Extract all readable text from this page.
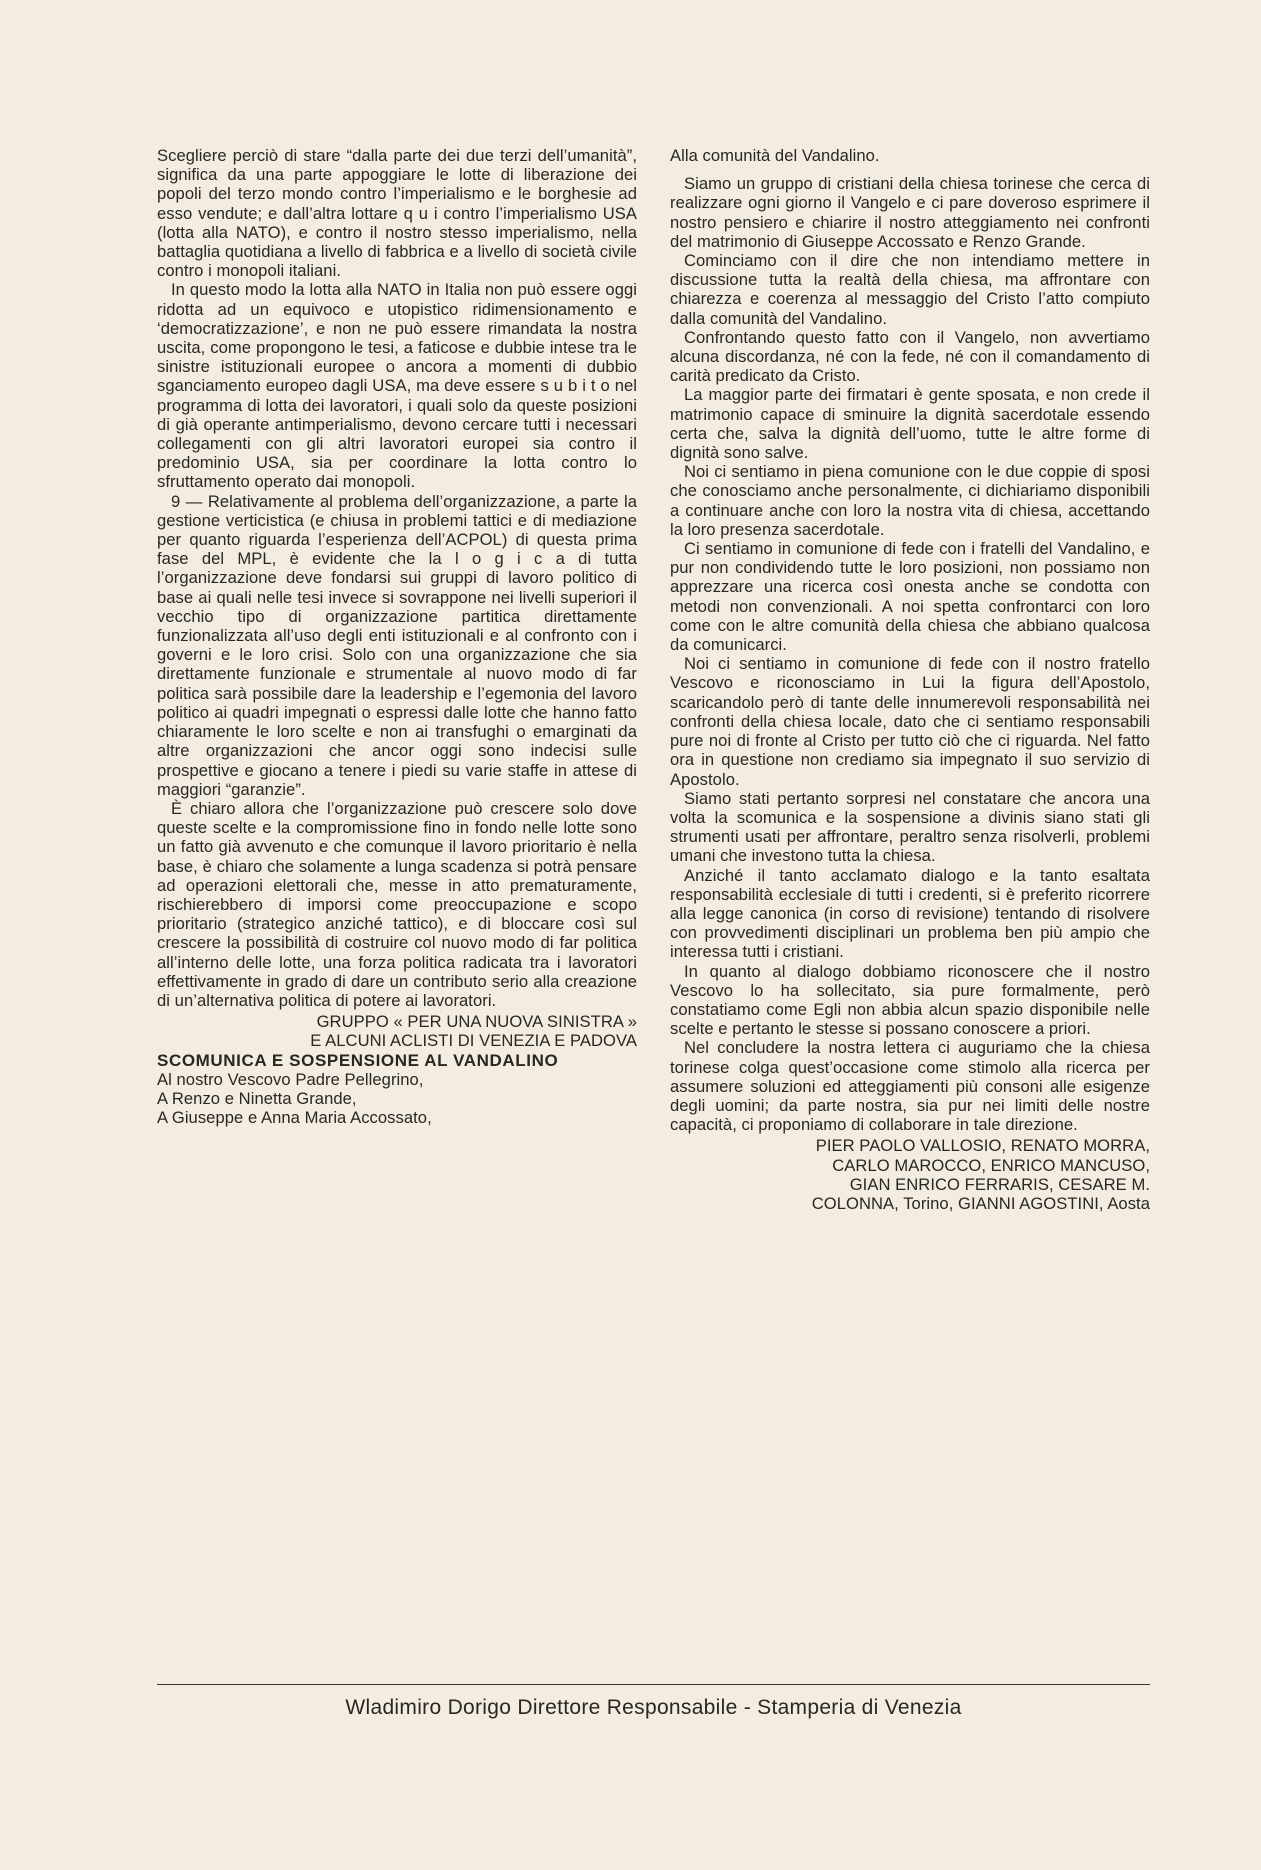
Scegliere perciò di stare “dalla parte dei due terzi dell’umanità”, significa da una parte appoggiare le lotte di liberazione dei popoli del terzo mondo contro l’imperialismo e le borghesie ad esso vendute; e dall’altra lottare q u i contro l’imperialismo USA (lotta alla NATO), e contro il nostro stesso imperialismo, nella battaglia quotidiana a livello di fabbrica e a livello di società civile contro i monopoli italiani.

In questo modo la lotta alla NATO in Italia non può essere oggi ridotta ad un equivoco e utopistico ridimensionamento e ‘democratizzazione’, e non ne può essere rimandata la nostra uscita, come propongono le tesi, a faticose e dubbie intese tra le sinistre istituzionali europee o ancora a momenti di dubbio sganciamento europeo dagli USA, ma deve essere s u b i t o nel programma di lotta dei lavoratori, i quali solo da queste posizioni di già operante antimperialismo, devono cercare tutti i necessari collegamenti con gli altri lavoratori europei sia contro il predominio USA, sia per coordinare la lotta contro lo sfruttamento operato dai monopoli.

9 — Relativamente al problema dell’organizzazione, a parte la gestione verticistica (e chiusa in problemi tattici e di mediazione per quanto riguarda l’esperienza dell’ACPOL) di questa prima fase del MPL, è evidente che la l o g i c a di tutta l’organizzazione deve fondarsi sui gruppi di lavoro politico di base ai quali nelle tesi invece si sovrappone nei livelli superiori il vecchio tipo di organizzazione partitica direttamente funzionalizzata all’uso degli enti istituzionali e al confronto con i governi e le loro crisi. Solo con una organizzazione che sia direttamente funzionale e strumentale al nuovo modo di far politica sarà possibile dare la leadership e l’egemonia del lavoro politico ai quadri impegnati o espressi dalle lotte che hanno fatto chiaramente le loro scelte e non ai transfughi o emarginati da altre organizzazioni che ancor oggi sono indecisi sulle prospettive e giocano a tenere i piedi su varie staffe in attese di maggiori “garanzie”.

È chiaro allora che l’organizzazione può crescere solo dove queste scelte e la compromissione fino in fondo nelle lotte sono un fatto già avvenuto e che comunque il lavoro prioritario è nella base, è chiaro che solamente a lunga scadenza si potrà pensare ad operazioni elettorali che, messe in atto prematuramente, rischierebbero di imporsi come preoccupazione e scopo prioritario (strategico anziché tattico), e di bloccare così sul crescere la possibilità di costruire col nuovo modo di far politica all’interno delle lotte, una forza politica radicata tra i lavoratori effettivamente in grado di dare un contributo serio alla creazione di un’alternativa politica di potere ai lavoratori.

GRUPPO « PER UNA NUOVA SINISTRA »
E ALCUNI ACLISTI DI VENEZIA E PADOVA

SCOMUNICA E SOSPENSIONE AL VANDALINO

Al nostro Vescovo Padre Pellegrino,

A Renzo e Ninetta Grande,

A Giuseppe e Anna Maria Accossato,

Alla comunità del Vandalino.

Siamo un gruppo di cristiani della chiesa torinese che cerca di realizzare ogni giorno il Vangelo e ci pare doveroso esprimere il nostro pensiero e chiarire il nostro atteggiamento nei confronti del matrimonio di Giuseppe Accossato e Renzo Grande.

Cominciamo con il dire che non intendiamo mettere in discussione tutta la realtà della chiesa, ma affrontare con chiarezza e coerenza al messaggio del Cristo l’atto compiuto dalla comunità del Vandalino.

Confrontando questo fatto con il Vangelo, non avvertiamo alcuna discordanza, né con la fede, né con il comandamento di carità predicato da Cristo.

La maggior parte dei firmatari è gente sposata, e non crede il matrimonio capace di sminuire la dignità sacerdotale essendo certa che, salva la dignità dell’uomo, tutte le altre forme di dignità sono salve.

Noi ci sentiamo in piena comunione con le due coppie di sposi che conosciamo anche personalmente, ci dichiariamo disponibili a continuare anche con loro la nostra vita di chiesa, accettando la loro presenza sacerdotale.

Ci sentiamo in comunione di fede con i fratelli del Vandalino, e pur non condividendo tutte le loro posizioni, non possiamo non apprezzare una ricerca così onesta anche se condotta con metodi non convenzionali. A noi spetta confrontarci con loro come con le altre comunità della chiesa che abbiano qualcosa da comunicarci.

Noi ci sentiamo in comunione di fede con il nostro fratello Vescovo e riconosciamo in Lui la figura dell’Apostolo, scaricandolo però di tante delle innumerevoli responsabilità nei confronti della chiesa locale, dato che ci sentiamo responsabili pure noi di fronte al Cristo per tutto ciò che ci riguarda. Nel fatto ora in questione non crediamo sia impegnato il suo servizio di Apostolo.

Siamo stati pertanto sorpresi nel constatare che ancora una volta la scomunica e la sospensione a divinis siano stati gli strumenti usati per affrontare, peraltro senza risolverli, problemi umani che investono tutta la chiesa.

Anziché il tanto acclamato dialogo e la tanto esaltata responsabilità ecclesiale di tutti i credenti, si è preferito ricorrere alla legge canonica (in corso di revisione) tentando di risolvere con provvedimenti disciplinari un problema ben più ampio che interessa tutti i cristiani.

In quanto al dialogo dobbiamo riconoscere che il nostro Vescovo lo ha sollecitato, sia pure formalmente, però constatiamo come Egli non abbia alcun spazio disponibile nelle scelte e pertanto le stesse si possano conoscere a priori.

Nel concludere la nostra lettera ci auguriamo che la chiesa torinese colga quest’occasione come stimolo alla ricerca per assumere soluzioni ed atteggiamenti più consoni alle esigenze degli uomini; da parte nostra, sia pur nei limiti delle nostre capacità, ci proponiamo di collaborare in tale direzione.

PIER PAOLO VALLOSIO, RENATO MORRA,
CARLO MAROCCO, ENRICO MANCUSO,
GIAN ENRICO FERRARIS, CESARE M.
COLONNA, Torino, GIANNI AGOSTINI, Aosta
Wladimiro Dorigo Direttore Responsabile - Stamperia di Venezia
